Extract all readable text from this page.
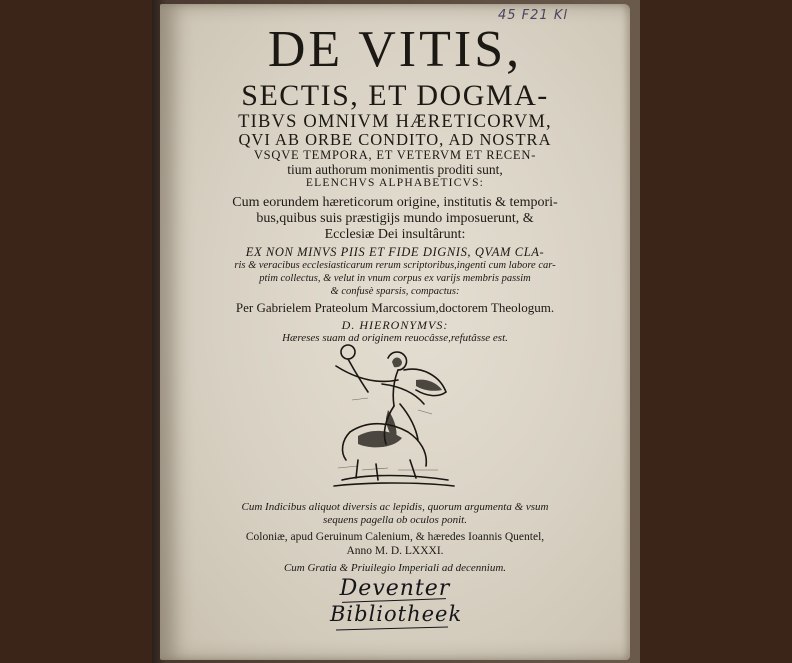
45 F21 Kl

DE VITIS,

SECTIS, ET DOGMA-

TIBVS OMNIVM HÆRETICORVM,

QVI AB ORBE CONDITO, AD NOSTRA

VSQVE TEMPORA, ET VETERVM ET RECEN-

tium authorum monimentis proditi sunt,

ELENCHVS ALPHABETICVS:

Cum eorundem hæreticorum origine, institutis & tempori-

bus,quibus suis præstigijs mundo imposuerunt, &

Ecclesiæ Dei insultârunt:

EX NON MINVS PIIS ET FIDE DIGNIS, QVAM CLA-

ris & veracibus ecclesiasticarum rerum scriptoribus,ingenti cum labore car-

ptim collectus, & velut in vnum corpus ex varijs membris passim

& confusè sparsis, compactus:

Per Gabrielem Prateolum Marcossium,doctorem Theologum.

D. HIERONYMVS:

Hæreses suam ad originem reuocâsse,refutâsse est.

Cum Indicibus aliquot diversis ac lepidis, quorum argumenta & vsum

sequens pagella ob oculos ponit.

Coloniæ, apud Geruinum Calenium, & hæredes Ioannis Quentel,

Anno M. D. LXXXI.

Cum Gratia & Priuilegio Imperiali ad decennium.

Deventer

Bibliotheek
